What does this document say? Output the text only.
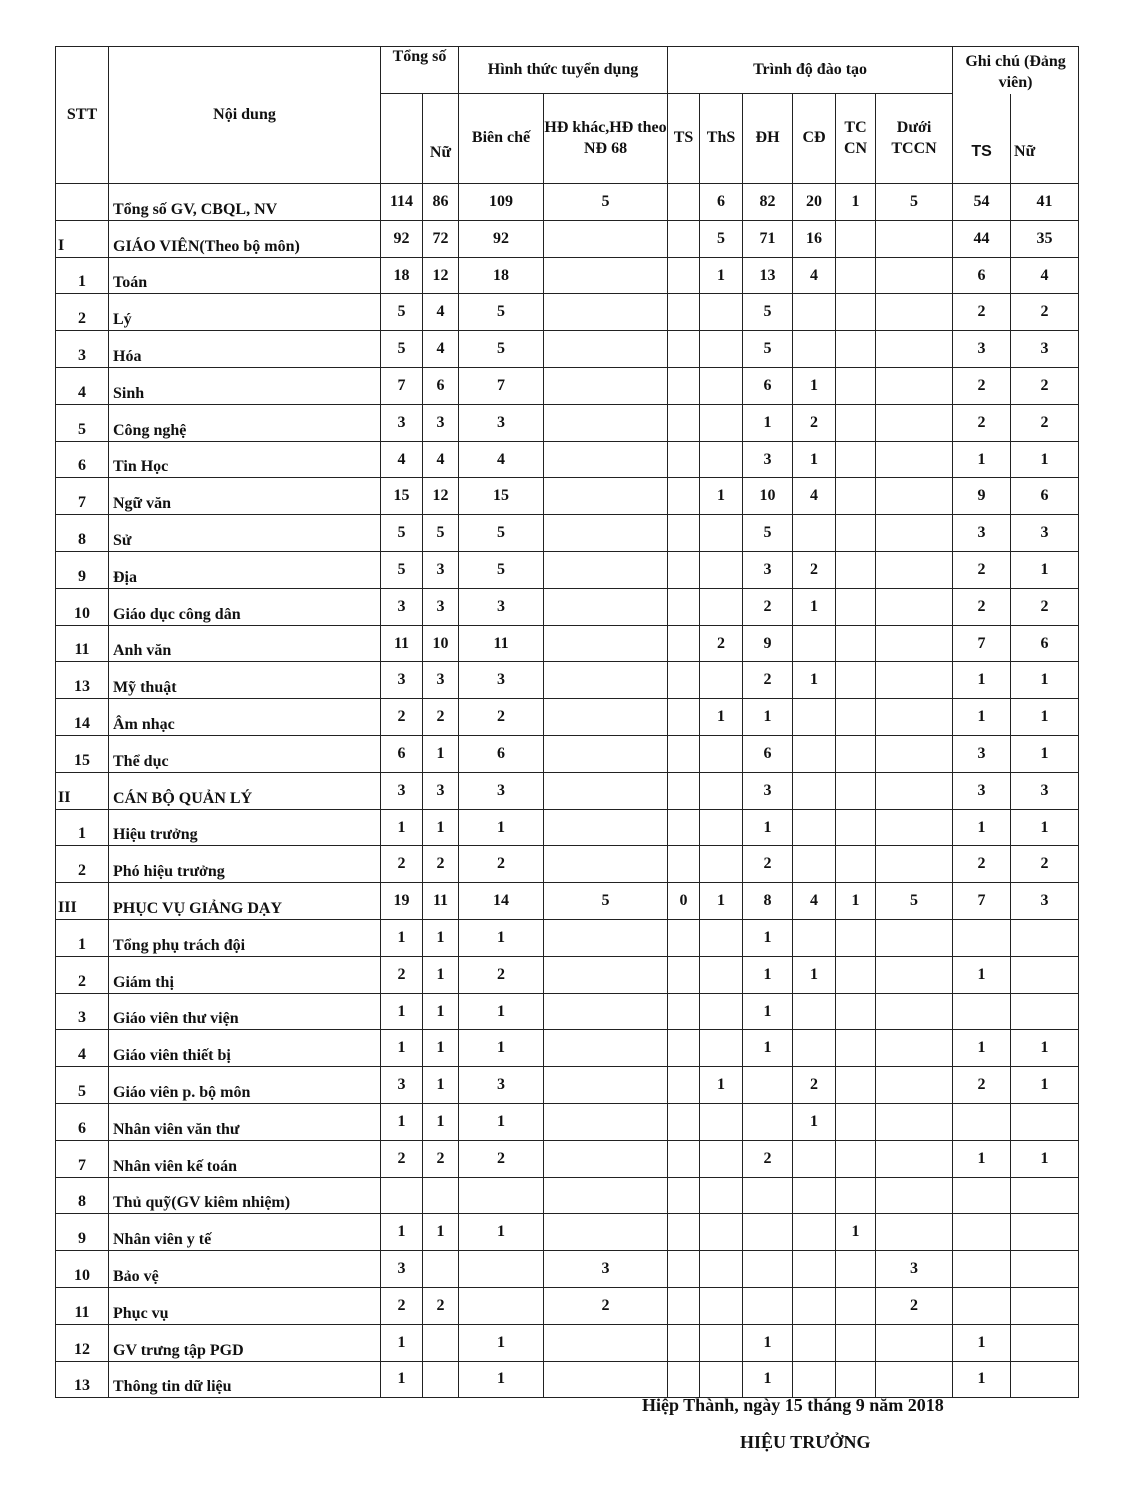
STT	Nội dung	Tổng số		Hình thức tuyển dụng		Trình độ đào tạo						Ghi chú (Đảng viên)	
			Nữ	Biên chế	HĐ khác,HĐ theo NĐ 68	TS	ThS	ĐH	CĐ	TC CN	Dưới TCCN	TS	Nữ
	Tổng số GV, CBQL, NV	114	86	109	5		6	82	20	1	5	54	41
I	GIÁO VIÊN(Theo bộ môn)	92	72	92			5	71	16			44	35
1	Toán	18	12	18			1	13	4			6	4
2	Lý	5	4	5				5				2	2
3	Hóa	5	4	5				5				3	3
4	Sinh	7	6	7				6	1			2	2
5	Công nghệ	3	3	3				1	2			2	2
6	Tin Học	4	4	4				3	1			1	1
7	Ngữ văn	15	12	15			1	10	4			9	6
8	Sử	5	5	5				5				3	3
9	Địa	5	3	5				3	2			2	1
10	Giáo dục công dân	3	3	3				2	1			2	2
11	Anh văn	11	10	11			2	9				7	6
13	Mỹ thuật	3	3	3				2	1			1	1
14	Âm nhạc	2	2	2			1	1				1	1
15	Thể dục	6	1	6				6				3	1
II	CÁN BỘ QUẢN LÝ	3	3	3				3				3	3
1	Hiệu trưởng	1	1	1				1				1	1
2	Phó hiệu trưởng	2	2	2				2				2	2
III	PHỤC VỤ GIẢNG DẠY	19	11	14	5	0	1	8	4	1	5	7	3
1	Tổng phụ trách đội	1	1	1				1					
2	Giám thị	2	1	2				1	1			1	
3	Giáo viên thư viện	1	1	1				1					
4	Giáo viên thiết bị	1	1	1				1				1	1
5	Giáo viên p. bộ môn	3	1	3			1		2			2	1
6	Nhân viên văn thư	1	1	1					1				
7	Nhân viên kế toán	2	2	2				2				1	1
8	Thủ quỹ(GV kiêm nhiệm)												
9	Nhân viên y tế	1	1	1						1			
10	Bảo vệ	3			3						3		
11	Phục vụ	2	2		2						2		
12	GV trưng tập PGD	1		1				1				1	
13	Thông tin dữ liệu	1		1				1				1	
Hiệp Thành, ngày 15 tháng 9 năm 2018
HIỆU TRƯỞNG
